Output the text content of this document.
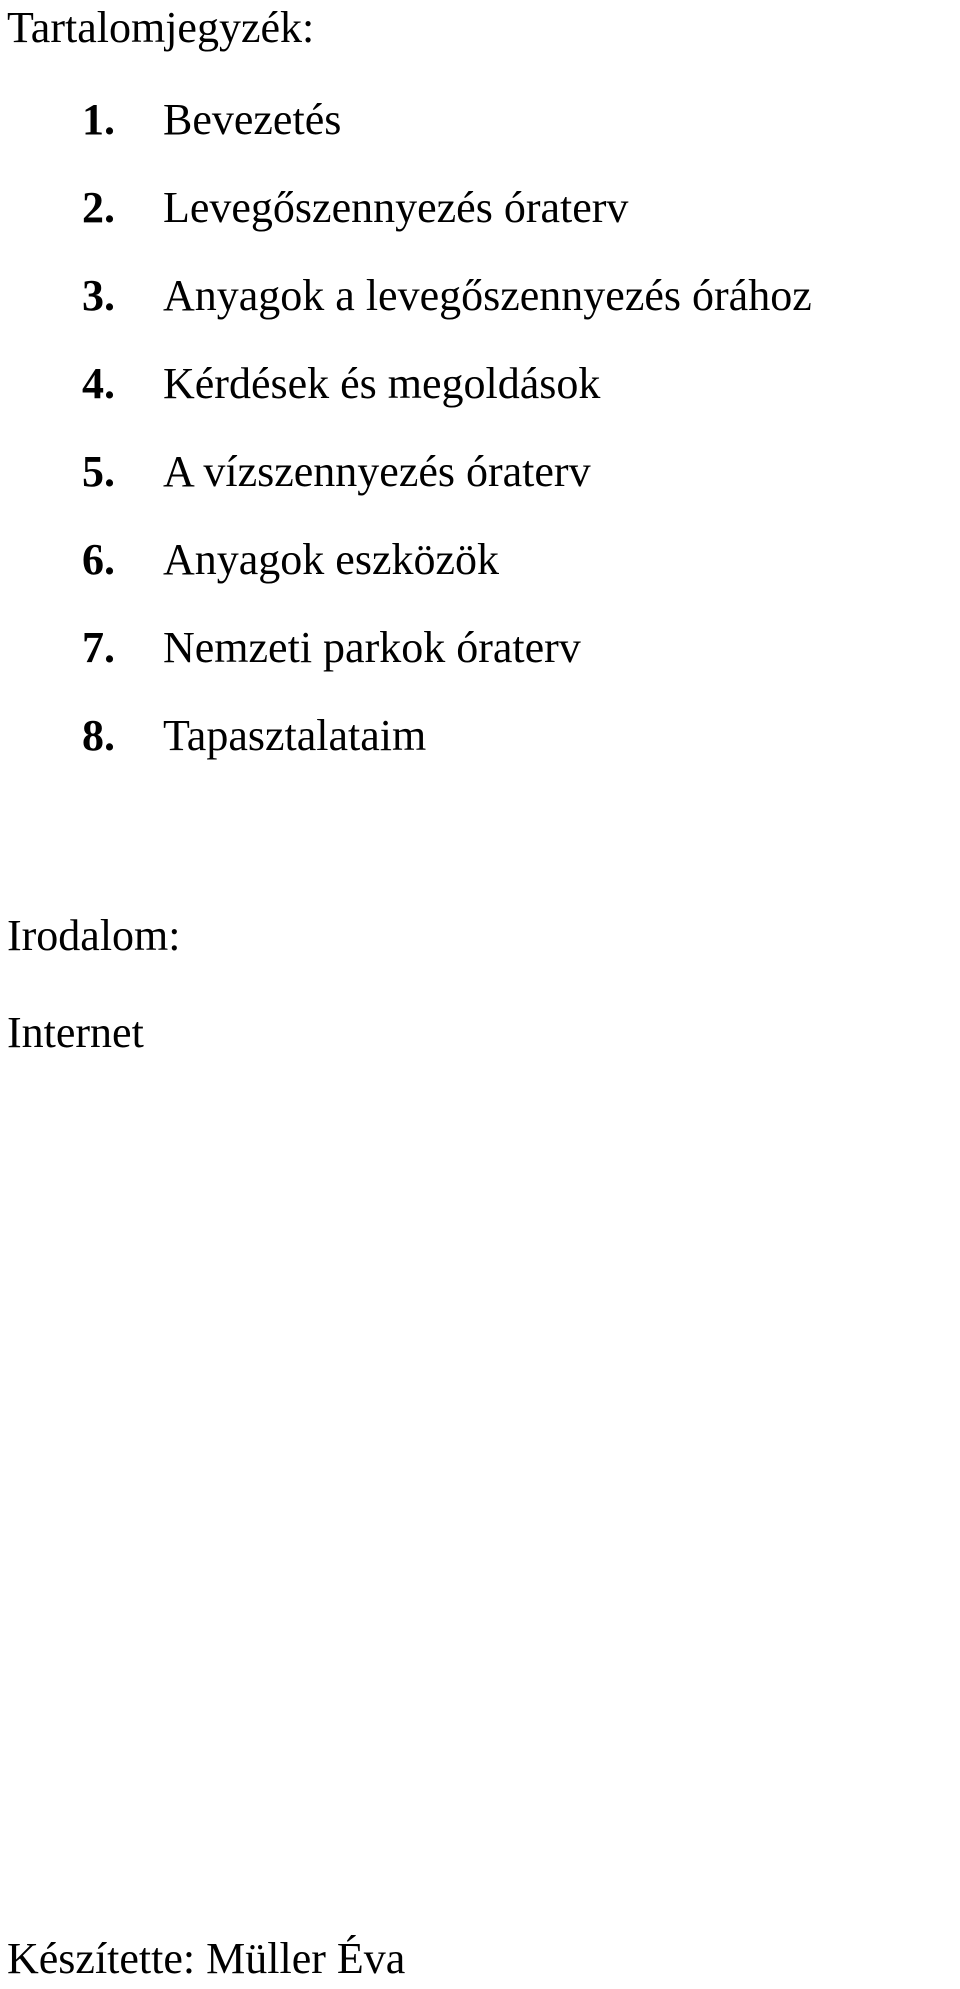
Tartalomjegyzék:
1. Bevezetés
2. Levegőszennyezés óraterv
3. Anyagok a levegőszennyezés órához
4. Kérdések és megoldások
5. A vízszennyezés óraterv
6. Anyagok eszközök
7. Nemzeti parkok óraterv
8. Tapasztalataim
Irodalom:
Internet
Készítette: Müller Éva
